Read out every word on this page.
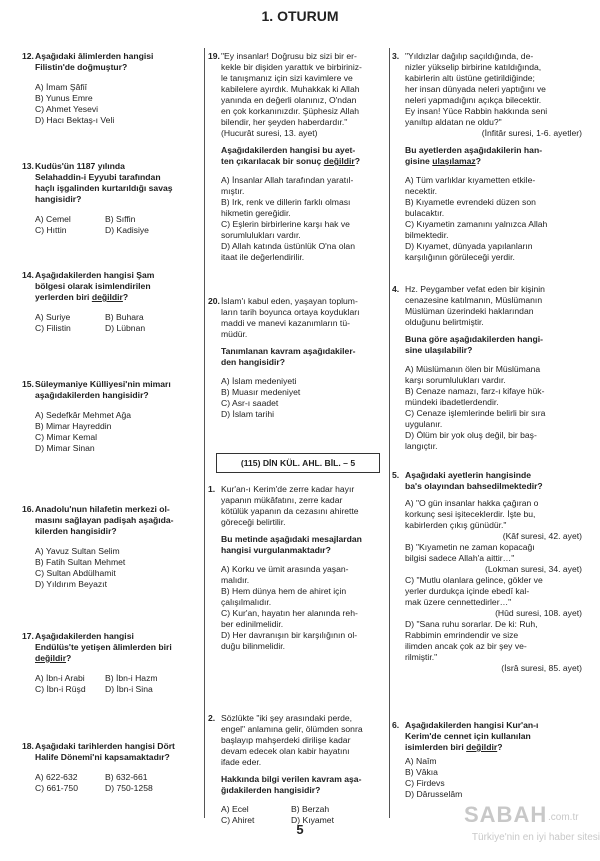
1. OTURUM
12. Aşağıdaki âlimlerden hangisi
Filistin'de doğmuştur?
A) İmam Şâfiî
B) Yunus Emre
C) Ahmet Yesevi
D) Hacı Bektaş-ı Veli
13. Kudüs'ün 1187 yılında
Selahaddin-i Eyyubi tarafından
haçlı işgalinden kurtarıldığı savaş
hangisidir?
A) Cemel	B) Sıffin
C) Hıttin	D) Kadisiye
14. Aşağıdakilerden hangisi Şam
bölgesi olarak isimlendirilen
yerlerden biri değildir?
A) Suriye	B) Buhara
C) Filistin	D) Lübnan
15. Süleymaniye Külliyesi'nin mimarı
aşağıdakilerden hangisidir?
A) Sedefkâr Mehmet Ağa
B) Mimar Hayreddin
C) Mimar Kemal
D) Mimar Sinan
16. Anadolu'nun hilafetin merkezi ol-
masını sağlayan padişah aşağıda-
kilerden hangisidir?
A) Yavuz Sultan Selim
B) Fatih Sultan Mehmet
C) Sultan Abdülhamit
D) Yıldırım Beyazıt
17. Aşağıdakilerden hangisi
Endülüs'te yetişen âlimlerden biri
değildir?
A) İbn-i Arabi	B) İbn-i Hazm
C) İbn-i Rüşd	D) İbn-i Sina
18. Aşağıdaki tarihlerden hangisi Dört
Halife Dönemi'ni kapsamaktadır?
A) 622-632	B) 632-661
C) 661-750	D) 750-1258
19. "Ey insanlar! Doğrusu biz sizi bir er-
kekle bir dişiden yarattık ve birbiriniz-
le tanışmanız için sizi kavimlere ve
kabilelere ayırdık. Muhakkak ki Allah
yanında en değerli olanınız, O'ndan
en çok korkanınızdır. Şüphesiz Allah
bilendir, her şeyden haberdardır."
(Hucurât suresi, 13. ayet)
Aşağıdakilerden hangisi bu ayet-
ten çıkarılacak bir sonuç değildir?
A) İnsanlar Allah tarafından yaratıl-
mıştır.
B) Irk, renk ve dillerin farklı olması
hikmetin gereğidir.
C) Eşlerin birbirlerine karşı hak ve
sorumlulukları vardır.
D) Allah katında üstünlük O'na olan
itaat ile değerlendirilir.
20. İslam'ı kabul eden, yaşayan toplum-
ların tarih boyunca ortaya koydukları
maddi ve manevi kazanımların tü-
müdür.
Tanımlanan kavram aşağıdakiler-
den hangisidir?
A) İslam medeniyeti
B) Muasır medeniyet
C) Asr-ı saadet
D) İslam tarihi
(115) DİN KÜL. AHL. BİL. – 5
1. Kur'an-ı Kerim'de zerre kadar hayır
yapanın mükâfatını, zerre kadar
kötülük yapanın da cezasını ahirette
göreceği belirtilir.
Bu metinde aşağıdaki mesajlardan
hangisi vurgulanmaktadır?
A) Korku ve ümit arasında yaşan-
malıdır.
B) Hem dünya hem de ahiret için
çalışılmalıdır.
C) Kur'an, hayatın her alanında reh-
ber edinilmelidir.
D) Her davranışın bir karşılığının ol-
duğu bilinmelidir.
2. Sözlükte "iki şey arasındaki perde,
engel" anlamına gelir, ölümden sonra
başlayıp mahşerdeki dirilişe kadar
devam edecek olan kabir hayatını
ifade eder.
Hakkında bilgi verilen kavram aşa-
ğıdakilerden hangisidir?
A) Ecel	B) Berzah
C) Ahiret	D) Kıyamet
3. "Yıldızlar dağılıp saçıldığında, de-
nizler yükselip birbirine katıldığında,
kabirlerin altı üstüne getirildiğinde;
her insan dünyada neleri yaptığını ve
neleri yapmadığını açıkça bilecektir.
Ey insan! Yüce Rabbin hakkında seni
yanıltıp aldatan ne oldu?"
(İnfitâr suresi, 1-6. ayetler)
Bu ayetlerden aşağıdakilerin han-
gisine ulaşılamaz?
A) Tüm varlıklar kıyametten etkile-
necektir.
B) Kıyametle evrendeki düzen son
bulacaktır.
C) Kıyametin zamanını yalnızca Allah
bilmektedir.
D) Kıyamet, dünyada yapılanların
karşılığının görüleceği yerdir.
4. Hz. Peygamber vefat eden bir kişinin
cenazesine katılmanın, Müslümanın
Müslüman üzerindeki haklarından
olduğunu belirtmiştir.
Buna göre aşağıdakilerden hangi-
sine ulaşılabilir?
A) Müslümanın ölen bir Müslümana
karşı sorumlulukları vardır.
B) Cenaze namazı, farz-ı kifaye hük-
mündeki ibadetlerdendir.
C) Cenaze işlemlerinde belirli bir sıra
uygulanır.
D) Ölüm bir yok oluş değil, bir baş-
langıçtır.
5. Aşağıdaki ayetlerin hangisinde
ba's olayından bahsedilmektedir?
A) "O gün insanlar hakka çağıran o
korkunç sesi işiteceklerdir. İşte bu,
kabirlerden çıkış günüdür."
(Kâf suresi, 42. ayet)
B) "Kıyametin ne zaman kopacağı
bilgisi sadece Allah'a aittir…"
(Lokman suresi, 34. ayet)
C) "Mutlu olanlara gelince, gökler ve
yerler durdukça içinde ebedî kal-
mak üzere cennettedirler…"
(Hûd suresi, 108. ayet)
D) "Sana ruhu sorarlar. De ki: Ruh,
Rabbimin emrindendir ve size
ilimden ancak çok az bir şey ve-
rilmiştir."
(İsrâ suresi, 85. ayet)
6. Aşağıdakilerden hangisi Kur'an-ı
Kerim'de cennet için kullanılan
isimlerden biri değildir?
A) Naîm
B) Vâkıa
C) Firdevs
D) Dârusselâm
SABAH .com.tr
Türkiye'nin en iyi haber sitesi
5
